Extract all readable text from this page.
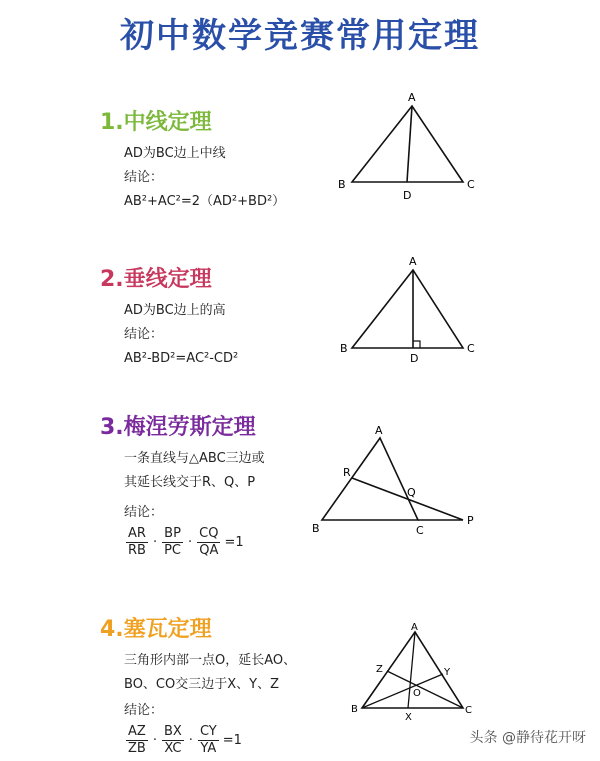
初中数学竞赛常用定理
1.中线定理
AD为BC边上中线
结论：
AB²+AC²=2（AD²+BD²）
A
B	C
D
2.垂线定理
AD为BC边上的高
结论：
AB²-BD²=AC²-CD²
A
B	C
D
3.梅涅劳斯定理
一条直线与△ABC三边或
其延长线交于R、Q、P
结论：
$\frac{AR}{RB} \cdot \frac{BP}{PC} \cdot \frac{CQ}{QA} =1$
A
B	C
R
Q
P
4.塞瓦定理
三角形内部一点O，延长AO、
BO、CO交三边于X、Y、Z
结论：
$\frac{AZ}{ZB} \cdot \frac{BX}{XC} \cdot \frac{CY}{YA} =1$
A
B	C
X
Y
Z
O
头条 @静待花开呀
